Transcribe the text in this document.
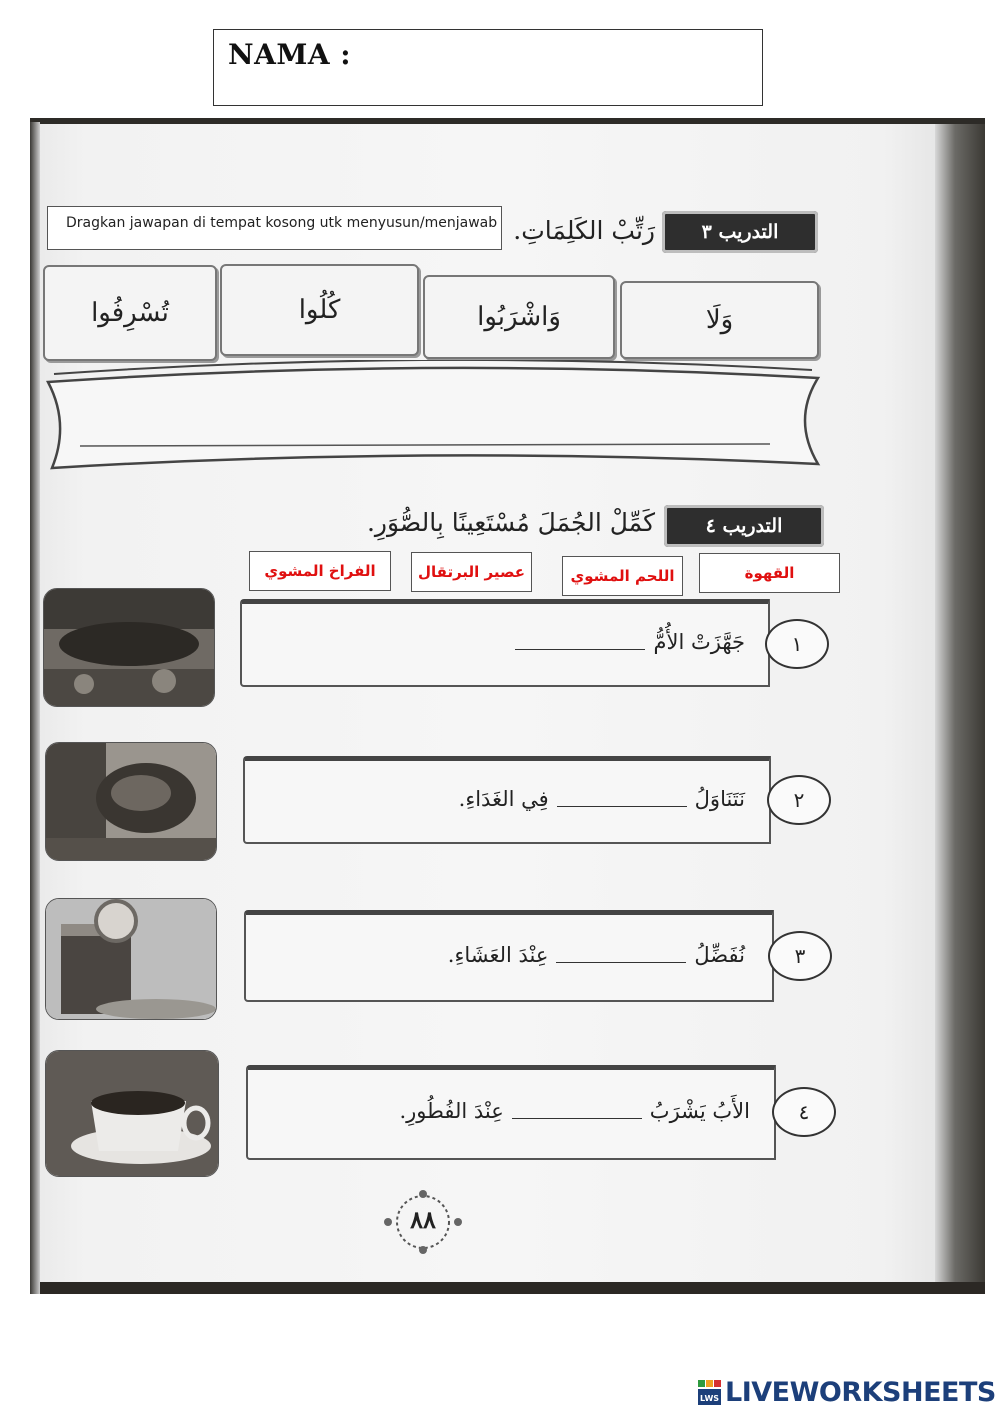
NAMA :
Dragkan jawapan di tempat kosong utk menyusun/menjawab	التدريب ٣
رَتِّبْ الكَلِمَاتِ.
وَلَا
وَاشْرَبُوا
كُلُوا
تُسْرِفُوا
التدريب ٤
كَمِّلْ الجُمَلَ مُسْتَعِينًا بِالصُّوَرِ.
القهوة
اللحم المشوي
عصير البرتقال
الفراخ المشوي
جَهَّزَتْ الأُمُّ	١
نَتَنَاوَلُ
فِي الغَدَاءِ.	٢
نُفَضِّلُ
عِنْدَ العَشَاءِ.	٣
الأَبُ يَشْرَبُ
عِنْدَ الفُطُورِ.	٤
٨٨
LWS LIVEWORKSHEETS
